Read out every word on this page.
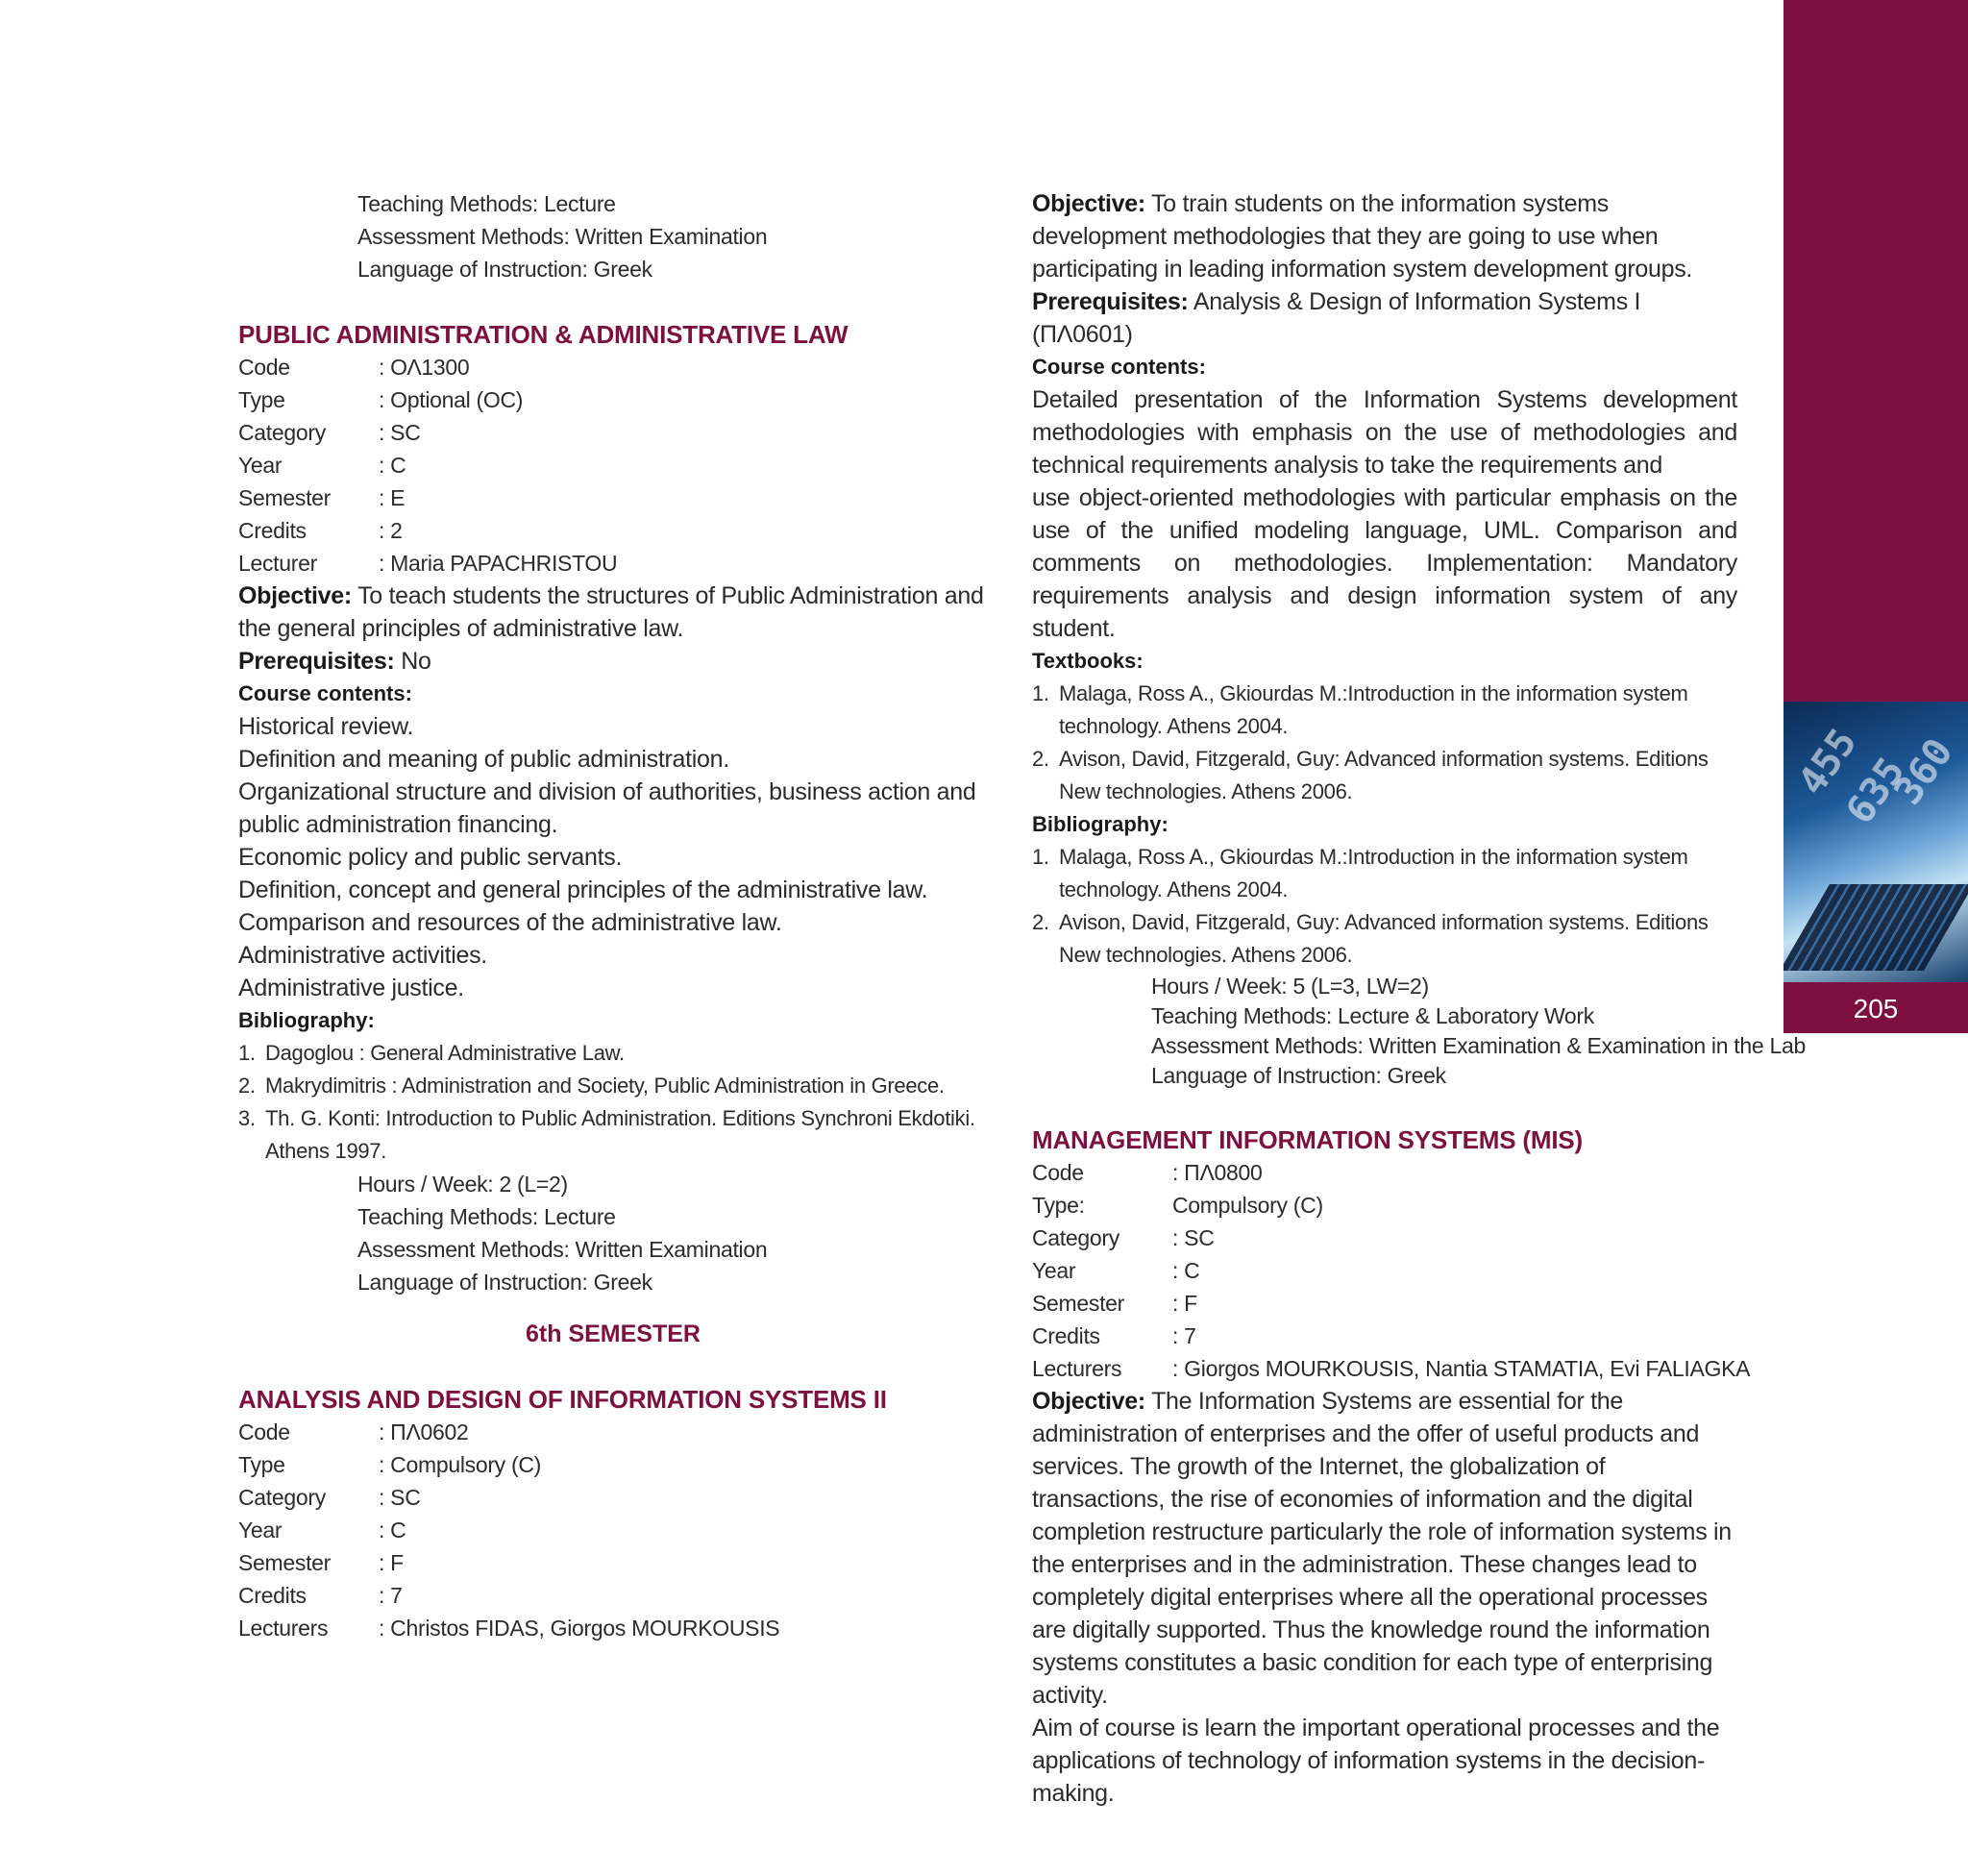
455
635
360
205
Teaching Methods: Lecture
Assessment Methods: Written Examination
Language of Instruction: Greek
PUBLIC ADMINISTRATION & ADMINISTRATIVE LAW
Code	: ΟΛ1300
Type	: Optional (OC)
Category	: SC
Year	: C
Semester	: E
Credits	: 2
Lecturer	: Maria PAPACHRISTOU
Objective: To teach students the structures of Public Administration and the general principles of administrative law.
Prerequisites: No
Course contents:
Historical review.
Definition and meaning of public administration.
Organizational structure and division of authorities, business action and public administration financing.
Economic policy and public servants.
Definition, concept and general principles of the administrative law.
Comparison and resources of the administrative law.
Administrative activities.
Administrative justice.
Bibliography:
1. Dagoglou : General Administrative Law.
2. Makrydimitris : Administration and Society, Public Administration in Greece.
3. Th. G. Konti: Introduction to Public Administration. Editions Synchroni Ekdotiki. Athens 1997.
Hours / Week: 2 (L=2)
Teaching Methods: Lecture
Assessment Methods: Written Examination
Language of Instruction: Greek
6th SEMESTER
ANALYSIS AND DESIGN OF INFORMATION SYSTEMS II
Code	: ΠΛ0602
Type	: Compulsory (C)
Category	: SC
Year	: C
Semester	: F
Credits	: 7
Lecturers	: Christos FIDAS, Giorgos MOURKOUSIS
Objective: To train students on the information systems development methodologies that they are going to use when participating in leading information system development groups.
Prerequisites: Analysis & Design of Information Systems I (ΠΛ0601)
Course contents:
Detailed presentation of the Information Systems development methodologies with emphasis on the use of methodologies and technical requirements analysis to take the requirements and
use object-oriented methodologies with particular emphasis on the use of the unified modeling language, UML. Comparison and comments on methodologies. Implementation: Mandatory requirements analysis and design information system of any student.
Textbooks:
1. Malaga, Ross A., Gkiourdas M.:Introduction in the information system technology. Athens 2004.
2. Avison, David, Fitzgerald, Guy: Advanced information systems. Editions New technologies. Athens 2006.
Bibliography:
1. Malaga, Ross A., Gkiourdas M.:Introduction in the information system technology. Athens 2004.
2. Avison, David, Fitzgerald, Guy: Advanced information systems. Editions New technologies. Athens 2006.
Hours / Week: 5 (L=3, LW=2)
Teaching Methods: Lecture & Laboratory Work
Assessment Methods: Written Examination & Examination in the Lab
Language of Instruction: Greek
MANAGEMENT INFORMATION SYSTEMS (MIS)
Code	: ΠΛ0800
Type:	Compulsory (C)
Category	: SC
Year	: C
Semester	: F
Credits	: 7
Lecturers	: Giorgos MOURKOUSIS, Nantia STAMATIA, Evi FALIAGKA
Objective: The Information Systems are essential for the administration of enterprises and the offer of useful products and services. The growth of the Internet, the globalization of transactions, the rise of economies of information and the digital completion restructure particularly the role of information systems in the enterprises and in the administration. These changes lead to completely digital enterprises where all the operational processes are digitally supported. Thus the knowledge round the information systems constitutes a basic condition for each type of enterprising activity.
Aim of course is learn the important operational processes and the applications of technology of information systems in the decision-making.
